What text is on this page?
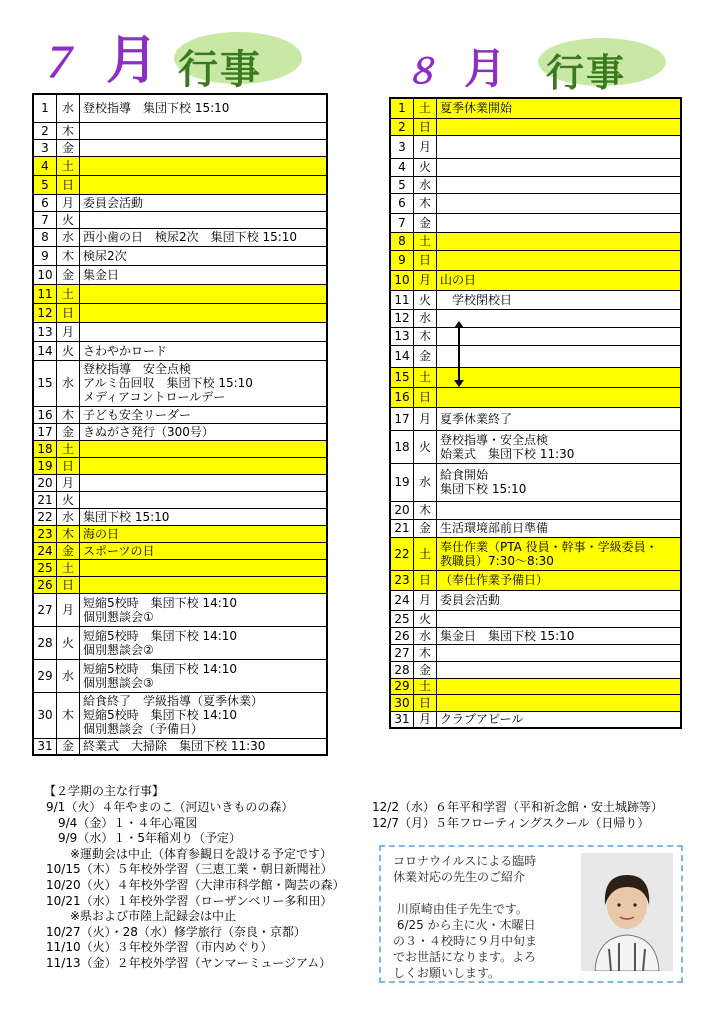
７ 月 行事	８ 月 行事
1	水	登校指導　集団下校 15:10
2	木	
3	金	
4	土	
5	日	
6	月	委員会活動
7	火	
8	水	西小歯の日　検尿2次　集団下校 15:10
9	木	検尿2次
10	金	集金日
11	土	
12	日	
13	月	
14	火	さわやかロード
15	水	登校指導　安全点検
アルミ缶回収　集団下校 15:10
メディアコントロールデー
16	木	子ども安全リーダー
17	金	きぬがさ発行（300号）
18	土	
19	日	
20	月	
21	火	
22	水	集団下校 15:10
23	木	海の日
24	金	スポーツの日
25	土	
26	日	
27	月	短縮5校時　集団下校 14:10
個別懇談会①
28	火	短縮5校時　集団下校 14:10
個別懇談会②
29	水	短縮5校時　集団下校 14:10
個別懇談会③
30	木	給食終了　学級指導（夏季休業）
短縮5校時　集団下校 14:10
個別懇談会（予備日）
31	金	終業式　大掃除　集団下校 11:30
1	土	夏季休業開始
2	日	
3	月	
4	火	
5	水	
6	木	
7	金	
8	土	
9	日	
10	月	山の日
11	火	　学校閉校日
12	水	
13	木	
14	金	
15	土	
16	日	
17	月	夏季休業終了
18	火	登校指導・安全点検
始業式　集団下校 11:30
19	水	給食開始
集団下校 15:10
20	木	
21	金	生活環境部前日準備
22	土	奉仕作業（PTA 役員・幹事・学級委員・
教職員）7:30～8:30
23	日	（奉仕作業予備日）
24	月	委員会活動
25	火	
26	水	集金日　集団下校 15:10
27	木	
28	金	
29	土	
30	日	
31	月	クラブアピール
【２学期の主な行事】
9/1（火）４年やまのこ（河辺いきものの森）
　9/4（金）１・４年心電図
　9/9（水）１・5年稲刈り（予定）
　　※運動会は中止（体育参観日を設ける予定です）
10/15（木）５年校外学習（三恵工業・朝日新聞社）
10/20（火）４年校外学習（大津市科学館・陶芸の森）
10/21（水）１年校外学習（ローザンベリー多和田）
　　※県および市陸上記録会は中止
10/27（火）・28（水）修学旅行（奈良・京都）
11/10（火）３年校外学習（市内めぐり）
11/13（金）２年校外学習（ヤンマーミュージアム）
12/2（水）６年平和学習（平和祈念館・安土城跡等）
12/7（月）５年フローティングスクール（日帰り）
コロナウイルスによる臨時
休業対応の先生のご紹介

川原崎由佳子先生です。
6/25 から主に火・木曜日
の３・４校時に９月中旬ま
でお世話になります。よろ
しくお願いします。
